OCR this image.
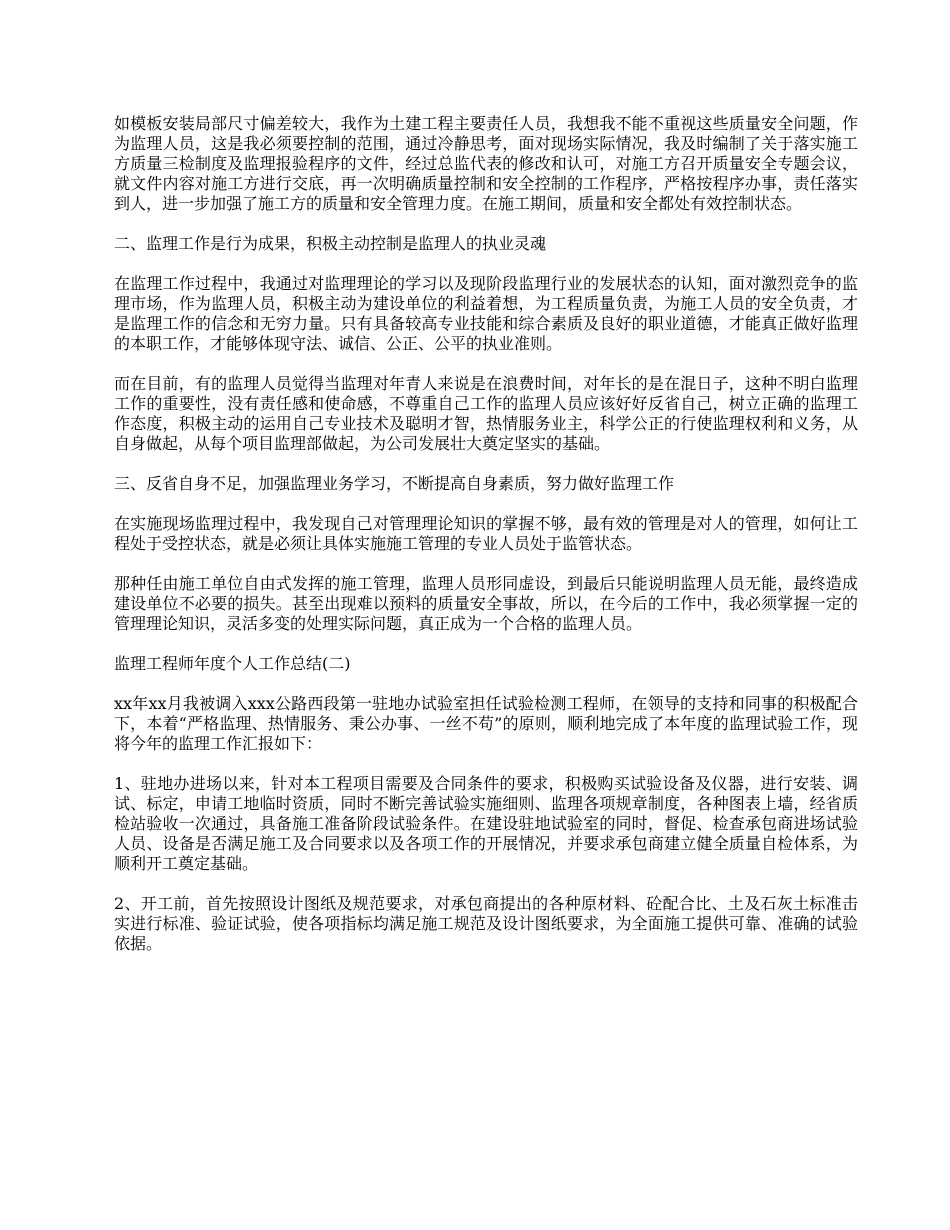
如模板安装局部尺寸偏差较大，我作为土建工程主要责任人员，我想我不能不重视这些质量安全问题，作为监理人员，这是我必须要控制的范围，通过冷静思考，面对现场实际情况，我及时编制了关于落实施工方质量三检制度及监理报验程序的文件，经过总监代表的修改和认可，对施工方召开质量安全专题会议，就文件内容对施工方进行交底，再一次明确质量控制和安全控制的工作程序，严格按程序办事，责任落实到人，进一步加强了施工方的质量和安全管理力度。在施工期间，质量和安全都处有效控制状态。

二、监理工作是行为成果，积极主动控制是监理人的执业灵魂

在监理工作过程中，我通过对监理理论的学习以及现阶段监理行业的发展状态的认知，面对激烈竞争的监理市场，作为监理人员，积极主动为建设单位的利益着想，为工程质量负责，为施工人员的安全负责，才是监理工作的信念和无穷力量。只有具备较高专业技能和综合素质及良好的职业道德，才能真正做好监理的本职工作，才能够体现守法、诚信、公正、公平的执业准则。

而在目前，有的监理人员觉得当监理对年青人来说是在浪费时间，对年长的是在混日子，这种不明白监理工作的重要性，没有责任感和使命感，不尊重自己工作的监理人员应该好好反省自己，树立正确的监理工作态度，积极主动的运用自己专业技术及聪明才智，热情服务业主，科学公正的行使监理权利和义务，从自身做起，从每个项目监理部做起，为公司发展壮大奠定坚实的基础。

三、反省自身不足，加强监理业务学习，不断提高自身素质，努力做好监理工作

在实施现场监理过程中，我发现自己对管理理论知识的掌握不够，最有效的管理是对人的管理，如何让工程处于受控状态，就是必须让具体实施施工管理的专业人员处于监管状态。

那种任由施工单位自由式发挥的施工管理，监理人员形同虚设，到最后只能说明监理人员无能，最终造成建设单位不必要的损失。甚至出现难以预料的质量安全事故，所以，在今后的工作中，我必须掌握一定的管理理论知识，灵活多变的处理实际问题，真正成为一个合格的监理人员。

监理工程师年度个人工作总结(二)

xx年xx月我被调入xxx公路西段第一驻地办试验室担任试验检测工程师，在领导的支持和同事的积极配合下，本着“严格监理、热情服务、秉公办事、一丝不苟”的原则，顺利地完成了本年度的监理试验工作，现将今年的监理工作汇报如下：

1、驻地办进场以来，针对本工程项目需要及合同条件的要求，积极购买试验设备及仪器，进行安装、调试、标定，申请工地临时资质，同时不断完善试验实施细则、监理各项规章制度，各种图表上墙，经省质检站验收一次通过，具备施工准备阶段试验条件。在建设驻地试验室的同时，督促、检查承包商进场试验人员、设备是否满足施工及合同要求以及各项工作的开展情况，并要求承包商建立健全质量自检体系，为顺利开工奠定基础。

2、开工前，首先按照设计图纸及规范要求，对承包商提出的各种原材料、砼配合比、土及石灰土标准击实进行标准、验证试验，使各项指标均满足施工规范及设计图纸要求，为全面施工提供可靠、准确的试验依据。
